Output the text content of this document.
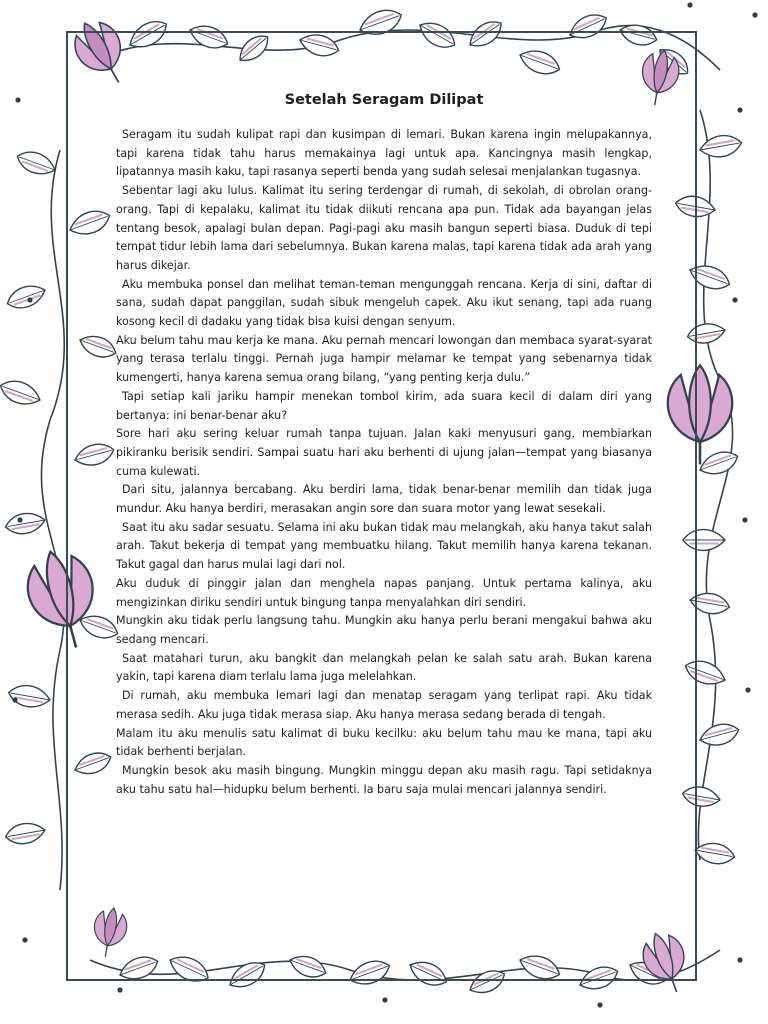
Setelah Seragam Dilipat

Seragam itu sudah kulipat rapi dan kusimpan di lemari. Bukan karena ingin melupakannya, tapi karena tidak tahu harus memakainya lagi untuk apa. Kancingnya masih lengkap, lipatannya masih kaku, tapi rasanya seperti benda yang sudah selesai menjalankan tugasnya.

Sebentar lagi aku lulus. Kalimat itu sering terdengar di rumah, di sekolah, di obrolan orang-orang. Tapi di kepalaku, kalimat itu tidak diikuti rencana apa pun. Tidak ada bayangan jelas tentang besok, apalagi bulan depan. Pagi-pagi aku masih bangun seperti biasa. Duduk di tepi tempat tidur lebih lama dari sebelumnya. Bukan karena malas, tapi karena tidak ada arah yang harus dikejar.

Aku membuka ponsel dan melihat teman-teman mengunggah rencana. Kerja di sini, daftar di sana, sudah dapat panggilan, sudah sibuk mengeluh capek. Aku ikut senang, tapi ada ruang kosong kecil di dadaku yang tidak bisa kuisi dengan senyum.

Aku belum tahu mau kerja ke mana. Aku pernah mencari lowongan dan membaca syarat-syarat yang terasa terlalu tinggi. Pernah juga hampir melamar ke tempat yang sebenarnya tidak kumengerti, hanya karena semua orang bilang, “yang penting kerja dulu.”

Tapi setiap kali jariku hampir menekan tombol kirim, ada suara kecil di dalam diri yang bertanya: ini benar-benar aku?

Sore hari aku sering keluar rumah tanpa tujuan. Jalan kaki menyusuri gang, membiarkan pikiranku berisik sendiri. Sampai suatu hari aku berhenti di ujung jalan—tempat yang biasanya cuma kulewati.

Dari situ, jalannya bercabang. Aku berdiri lama, tidak benar-benar memilih dan tidak juga mundur. Aku hanya berdiri, merasakan angin sore dan suara motor yang lewat sesekali.

Saat itu aku sadar sesuatu. Selama ini aku bukan tidak mau melangkah, aku hanya takut salah arah. Takut bekerja di tempat yang membuatku hilang. Takut memilih hanya karena tekanan. Takut gagal dan harus mulai lagi dari nol.

Aku duduk di pinggir jalan dan menghela napas panjang. Untuk pertama kalinya, aku mengizinkan diriku sendiri untuk bingung tanpa menyalahkan diri sendiri.

Mungkin aku tidak perlu langsung tahu. Mungkin aku hanya perlu berani mengakui bahwa aku sedang mencari.

Saat matahari turun, aku bangkit dan melangkah pelan ke salah satu arah. Bukan karena yakin, tapi karena diam terlalu lama juga melelahkan.

Di rumah, aku membuka lemari lagi dan menatap seragam yang terlipat rapi. Aku tidak merasa sedih. Aku juga tidak merasa siap. Aku hanya merasa sedang berada di tengah.

Malam itu aku menulis satu kalimat di buku kecilku: aku belum tahu mau ke mana, tapi aku tidak berhenti berjalan.

Mungkin besok aku masih bingung. Mungkin minggu depan aku masih ragu. Tapi setidaknya aku tahu satu hal—hidupku belum berhenti. Ia baru saja mulai mencari jalannya sendiri.
